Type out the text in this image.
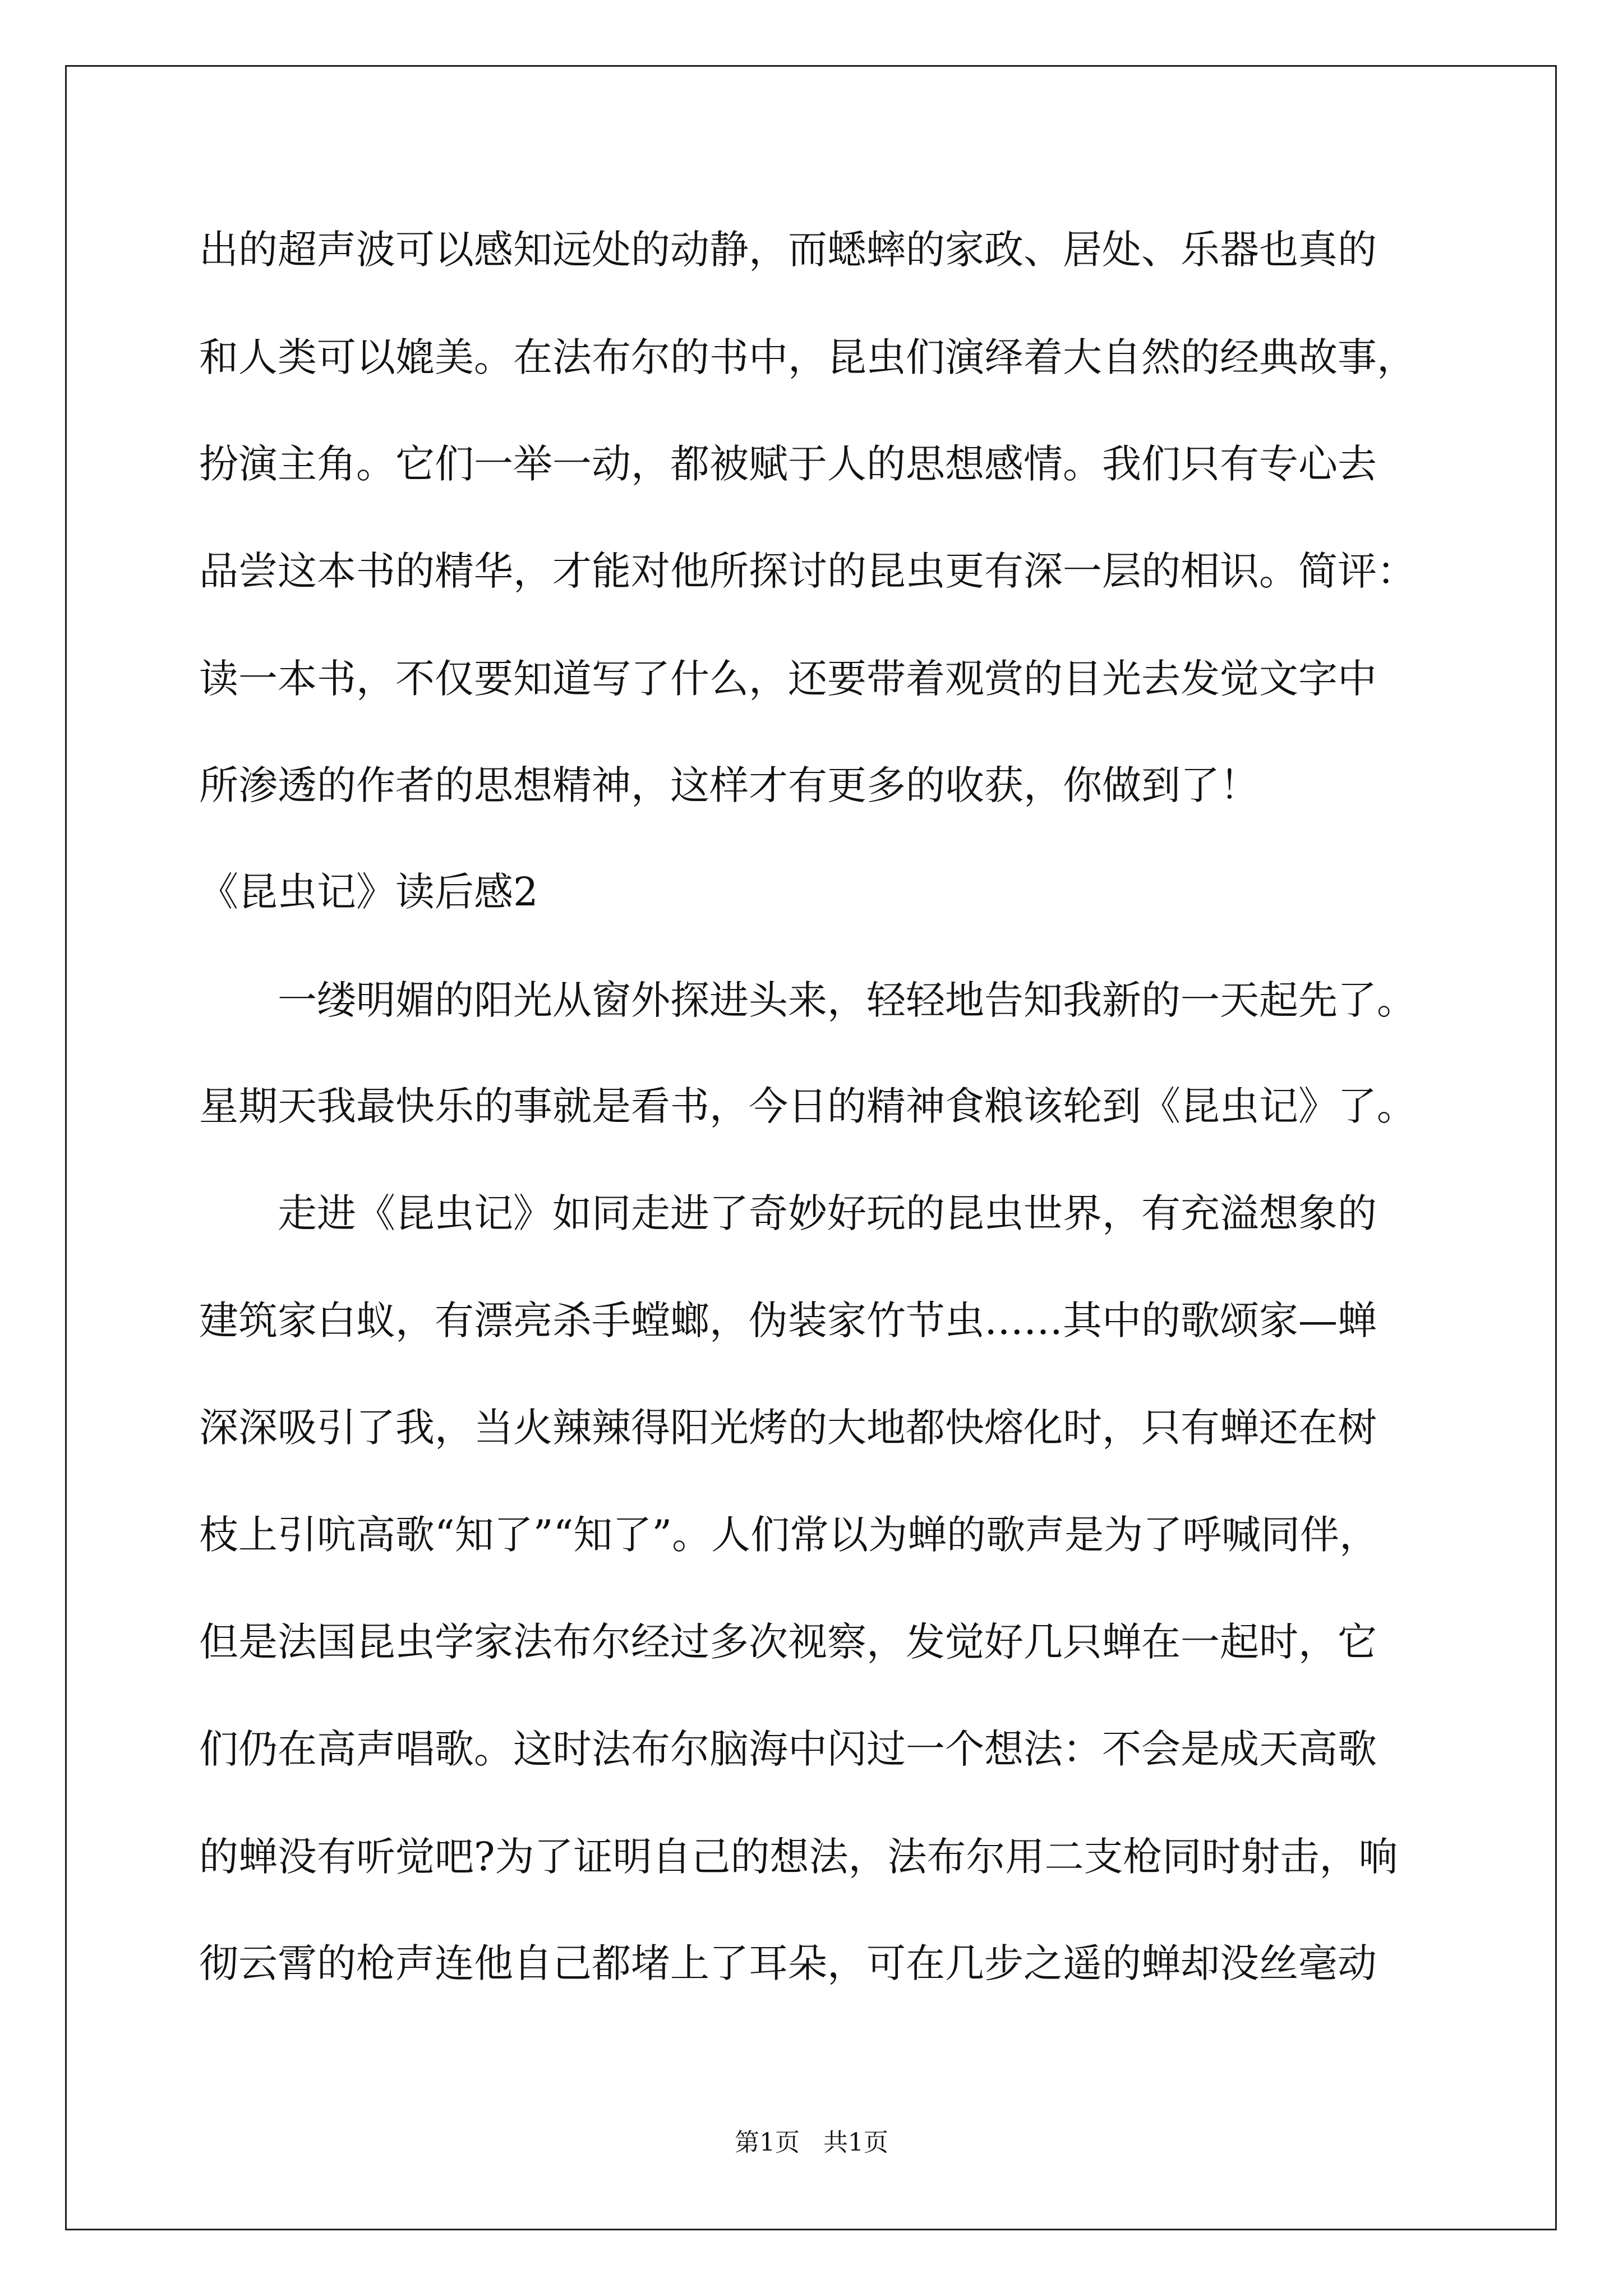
出的超声波可以感知远处的动静，而蟋蟀的家政、居处、乐器也真的
和人类可以媲美。在法布尔的书中，昆虫们演绎着大自然的经典故事，
扮演主角。它们一举一动，都被赋于人的思想感情。我们只有专心去
品尝这本书的精华，才能对他所探讨的昆虫更有深一层的相识。简评：
读一本书，不仅要知道写了什么，还要带着观赏的目光去发觉文字中
所渗透的作者的思想精神，这样才有更多的收获，你做到了！
《昆虫记》读后感2
一缕明媚的阳光从窗外探进头来，轻轻地告知我新的一天起先了。
星期天我最快乐的事就是看书，今日的精神食粮该轮到《昆虫记》了。
走进《昆虫记》如同走进了奇妙好玩的昆虫世界，有充溢想象的
建筑家白蚁，有漂亮杀手螳螂，伪装家竹节虫……其中的歌颂家—蝉
深深吸引了我，当火辣辣得阳光烤的大地都快熔化时，只有蝉还在树
枝上引吭高歌“知了”“知了”。人们常以为蝉的歌声是为了呼喊同伴，
但是法国昆虫学家法布尔经过多次视察，发觉好几只蝉在一起时，它
们仍在高声唱歌。这时法布尔脑海中闪过一个想法：不会是成天高歌
的蝉没有听觉吧?为了证明自己的想法，法布尔用二支枪同时射击，响
彻云霄的枪声连他自己都堵上了耳朵，可在几步之遥的蝉却没丝毫动
第1页   共1页
